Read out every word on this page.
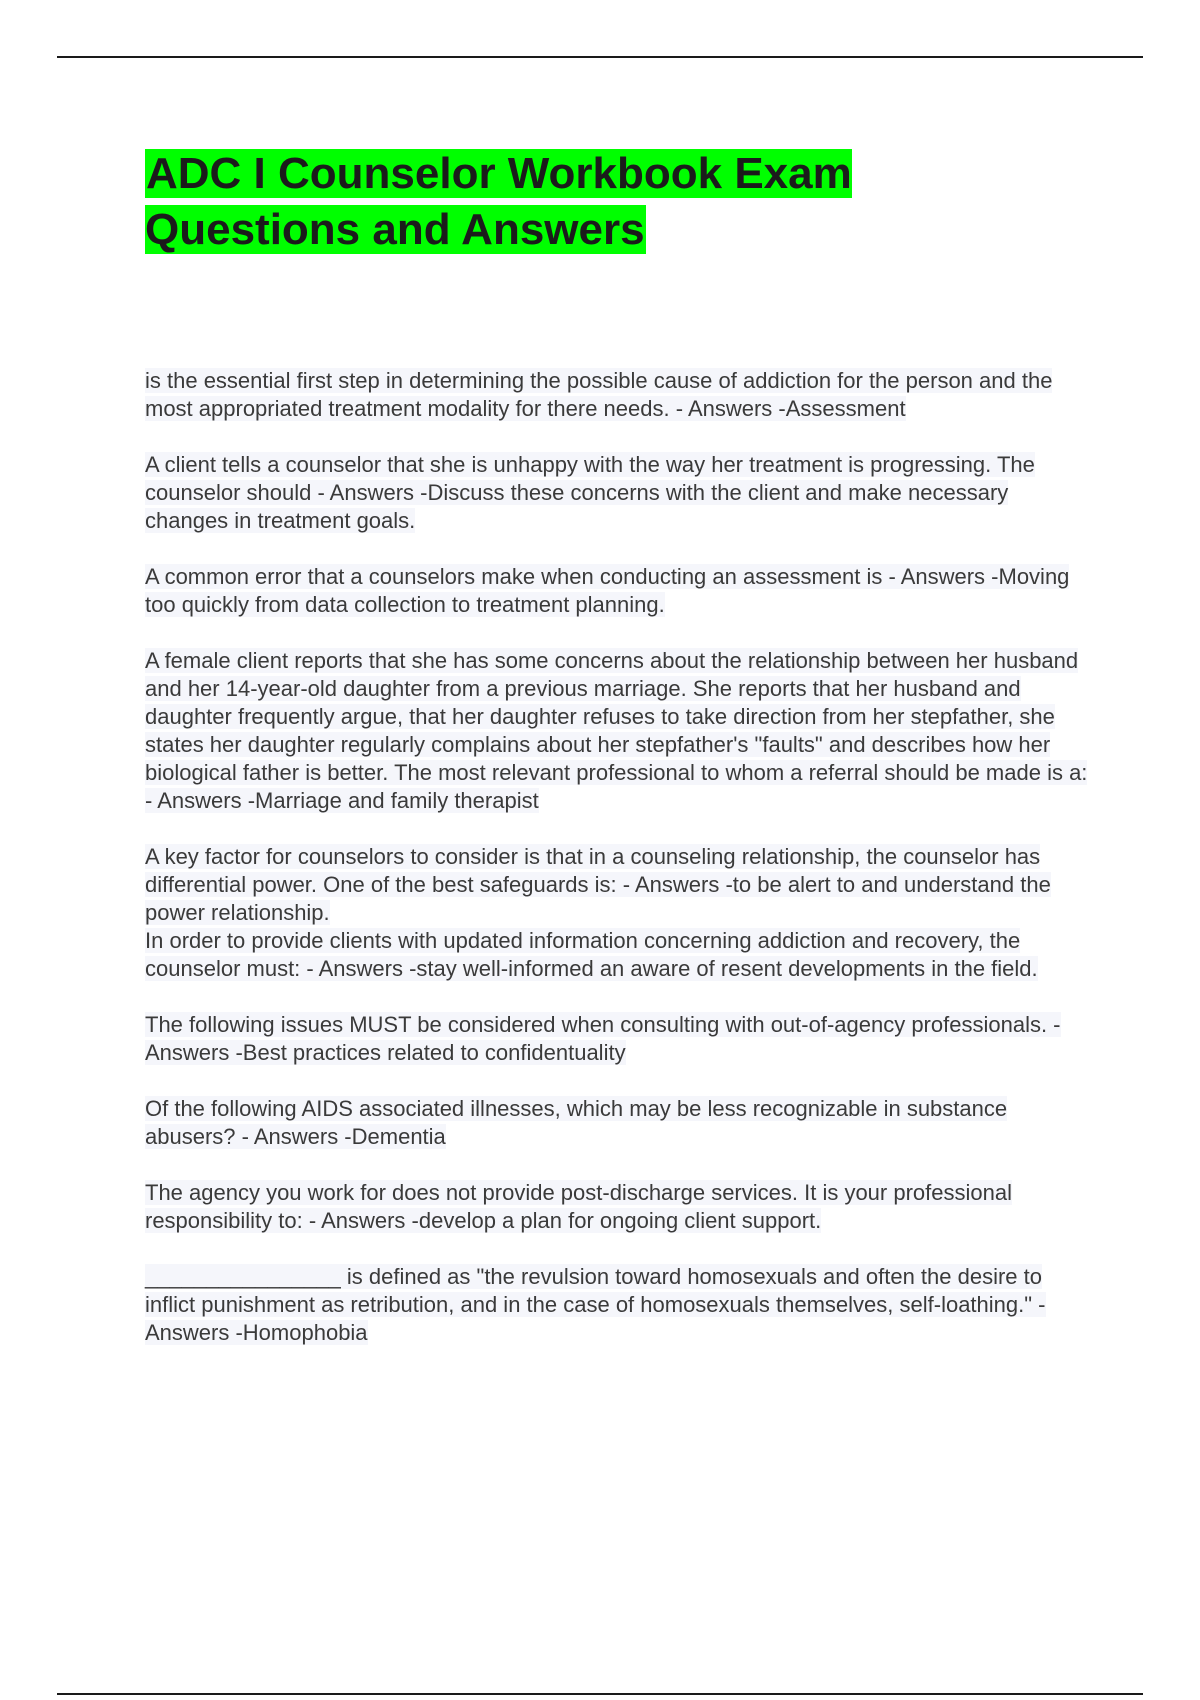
ADC I Counselor Workbook Exam Questions and Answers

is the essential first step in determining the possible cause of addiction for the person and the most appropriated treatment modality for there needs. - Answers -Assessment

A client tells a counselor that she is unhappy with the way her treatment is progressing. The counselor should - Answers -Discuss these concerns with the client and make necessary changes in treatment goals.

A common error that a counselors make when conducting an assessment is - Answers -Moving too quickly from data collection to treatment planning.

A female client reports that she has some concerns about the relationship between her husband and her 14-year-old daughter from a previous marriage. She reports that her husband and daughter frequently argue, that her daughter refuses to take direction from her stepfather, she states her daughter regularly complains about her stepfather's "faults" and describes how her biological father is better. The most relevant professional to whom a referral should be made is a: - Answers -Marriage and family therapist

A key factor for counselors to consider is that in a counseling relationship, the counselor has differential power. One of the best safeguards is: - Answers -to be alert to and understand the power relationship.

In order to provide clients with updated information concerning addiction and recovery, the counselor must: - Answers -stay well-informed an aware of resent developments in the field.

The following issues MUST be considered when consulting with out-of-agency professionals. - Answers -Best practices related to confidentuality

Of the following AIDS associated illnesses, which may be less recognizable in substance abusers? - Answers -Dementia

The agency you work for does not provide post-discharge services. It is your professional responsibility to: - Answers -develop a plan for ongoing client support.

________________ is defined as "the revulsion toward homosexuals and often the desire to inflict punishment as retribution, and in the case of homosexuals themselves, self-loathing." - Answers -Homophobia
